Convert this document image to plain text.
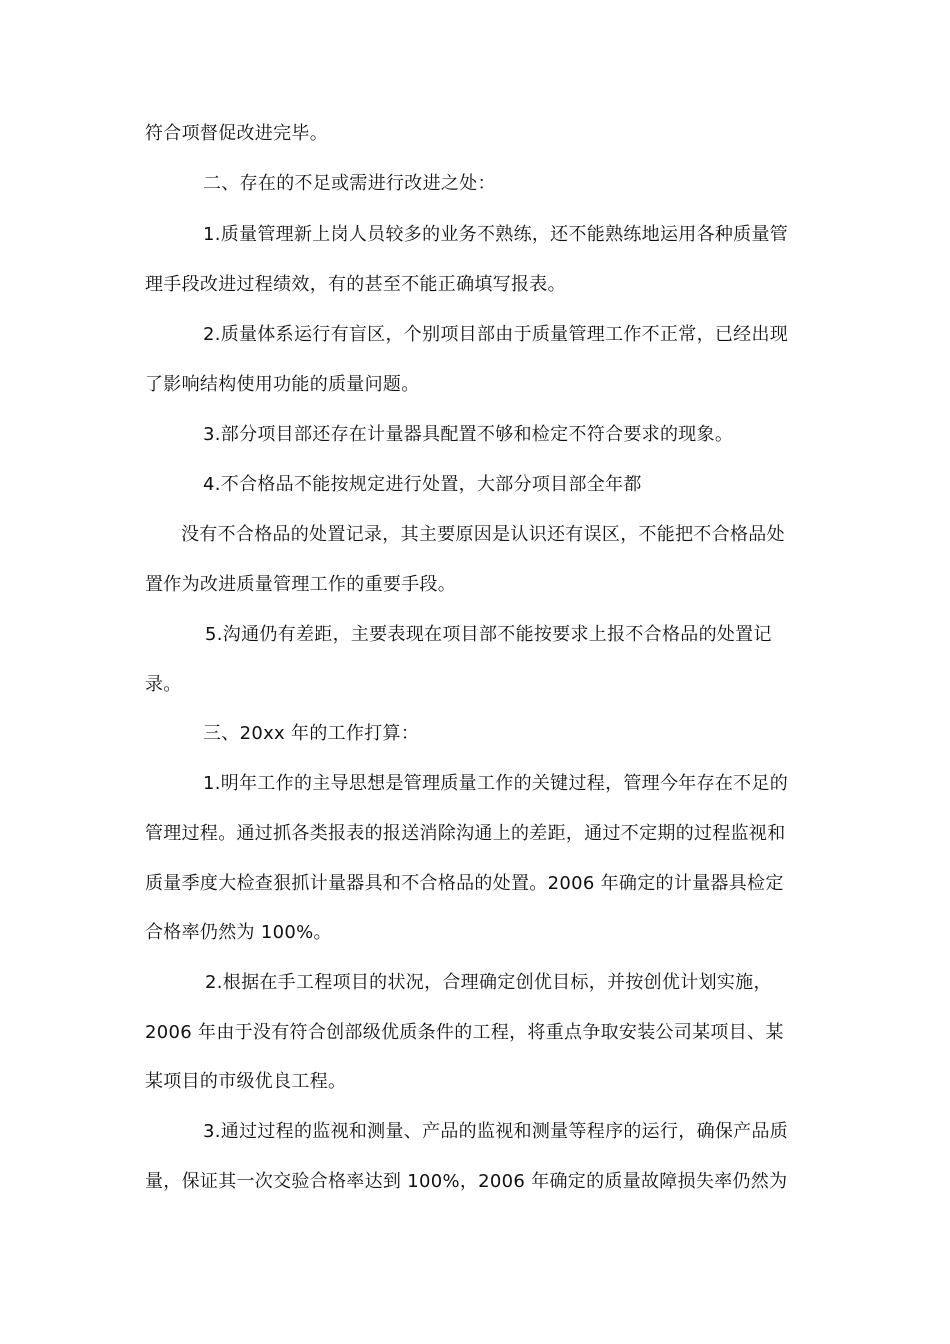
符合项督促改进完毕。
二、存在的不足或需进行改进之处：
1.质量管理新上岗人员较多的业务不熟练，还不能熟练地运用各种质量管
理手段改进过程绩效，有的甚至不能正确填写报表。
2.质量体系运行有盲区，个别项目部由于质量管理工作不正常，已经出现
了影响结构使用功能的质量问题。
3.部分项目部还存在计量器具配置不够和检定不符合要求的现象。
4.不合格品不能按规定进行处置，大部分项目部全年都
没有不合格品的处置记录，其主要原因是认识还有误区，不能把不合格品处
置作为改进质量管理工作的重要手段。
5.沟通仍有差距，主要表现在项目部不能按要求上报不合格品的处置记
录。
三、20xx 年的工作打算：
1.明年工作的主导思想是管理质量工作的关键过程，管理今年存在不足的
管理过程。通过抓各类报表的报送消除沟通上的差距，通过不定期的过程监视和
质量季度大检查狠抓计量器具和不合格品的处置。2006 年确定的计量器具检定
合格率仍然为 100%。
2.根据在手工程项目的状况，合理确定创优目标，并按创优计划实施，
2006 年由于没有符合创部级优质条件的工程，将重点争取安装公司某项目、某
某项目的市级优良工程。
3.通过过程的监视和测量、产品的监视和测量等程序的运行，确保产品质
量，保证其一次交验合格率达到 100%，2006 年确定的质量故障损失率仍然为
